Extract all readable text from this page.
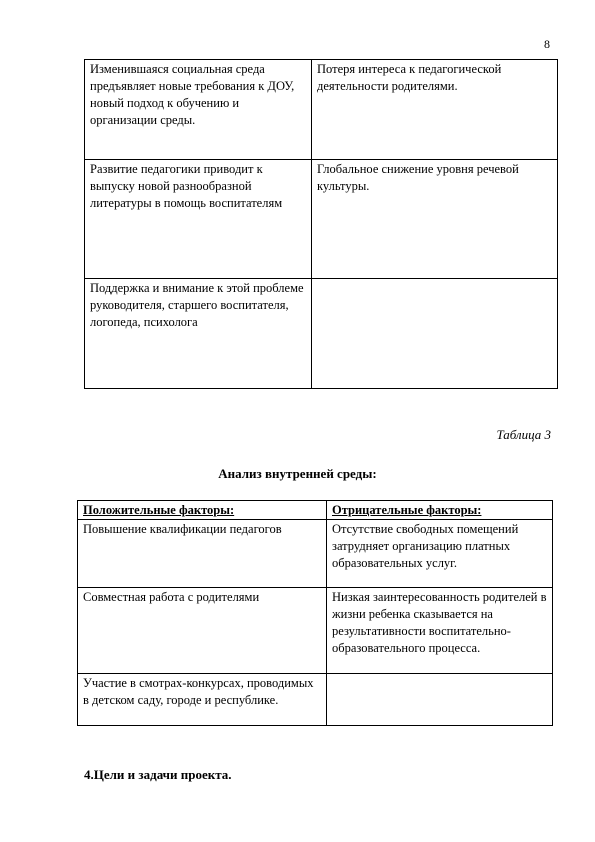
8
Изменившаяся социальная среда предъявляет новые требования к ДОУ, новый подход к обучению и организации среды.	Потеря интереса к педагогической деятельности родителями.
Развитие педагогики приводит к выпуску новой разнообразной литературы в помощь воспитателям	Глобальное снижение уровня речевой культуры.
Поддержка и внимание к этой проблеме руководителя, старшего воспитателя, логопеда, психолога	
Таблица 3
Анализ внутренней среды:
Положительные факторы:	Отрицательные факторы:
Повышение квалификации педагогов	Отсутствие свободных помещений затрудняет организацию платных образовательных услуг.
Совместная работа с родителями	Низкая заинтересованность родителей в жизни ребенка сказывается на результативности воспитательно-образовательного процесса.
Участие в смотрах-конкурсах, проводимых в детском саду, городе и республике.	
4.Цели и задачи проекта.
